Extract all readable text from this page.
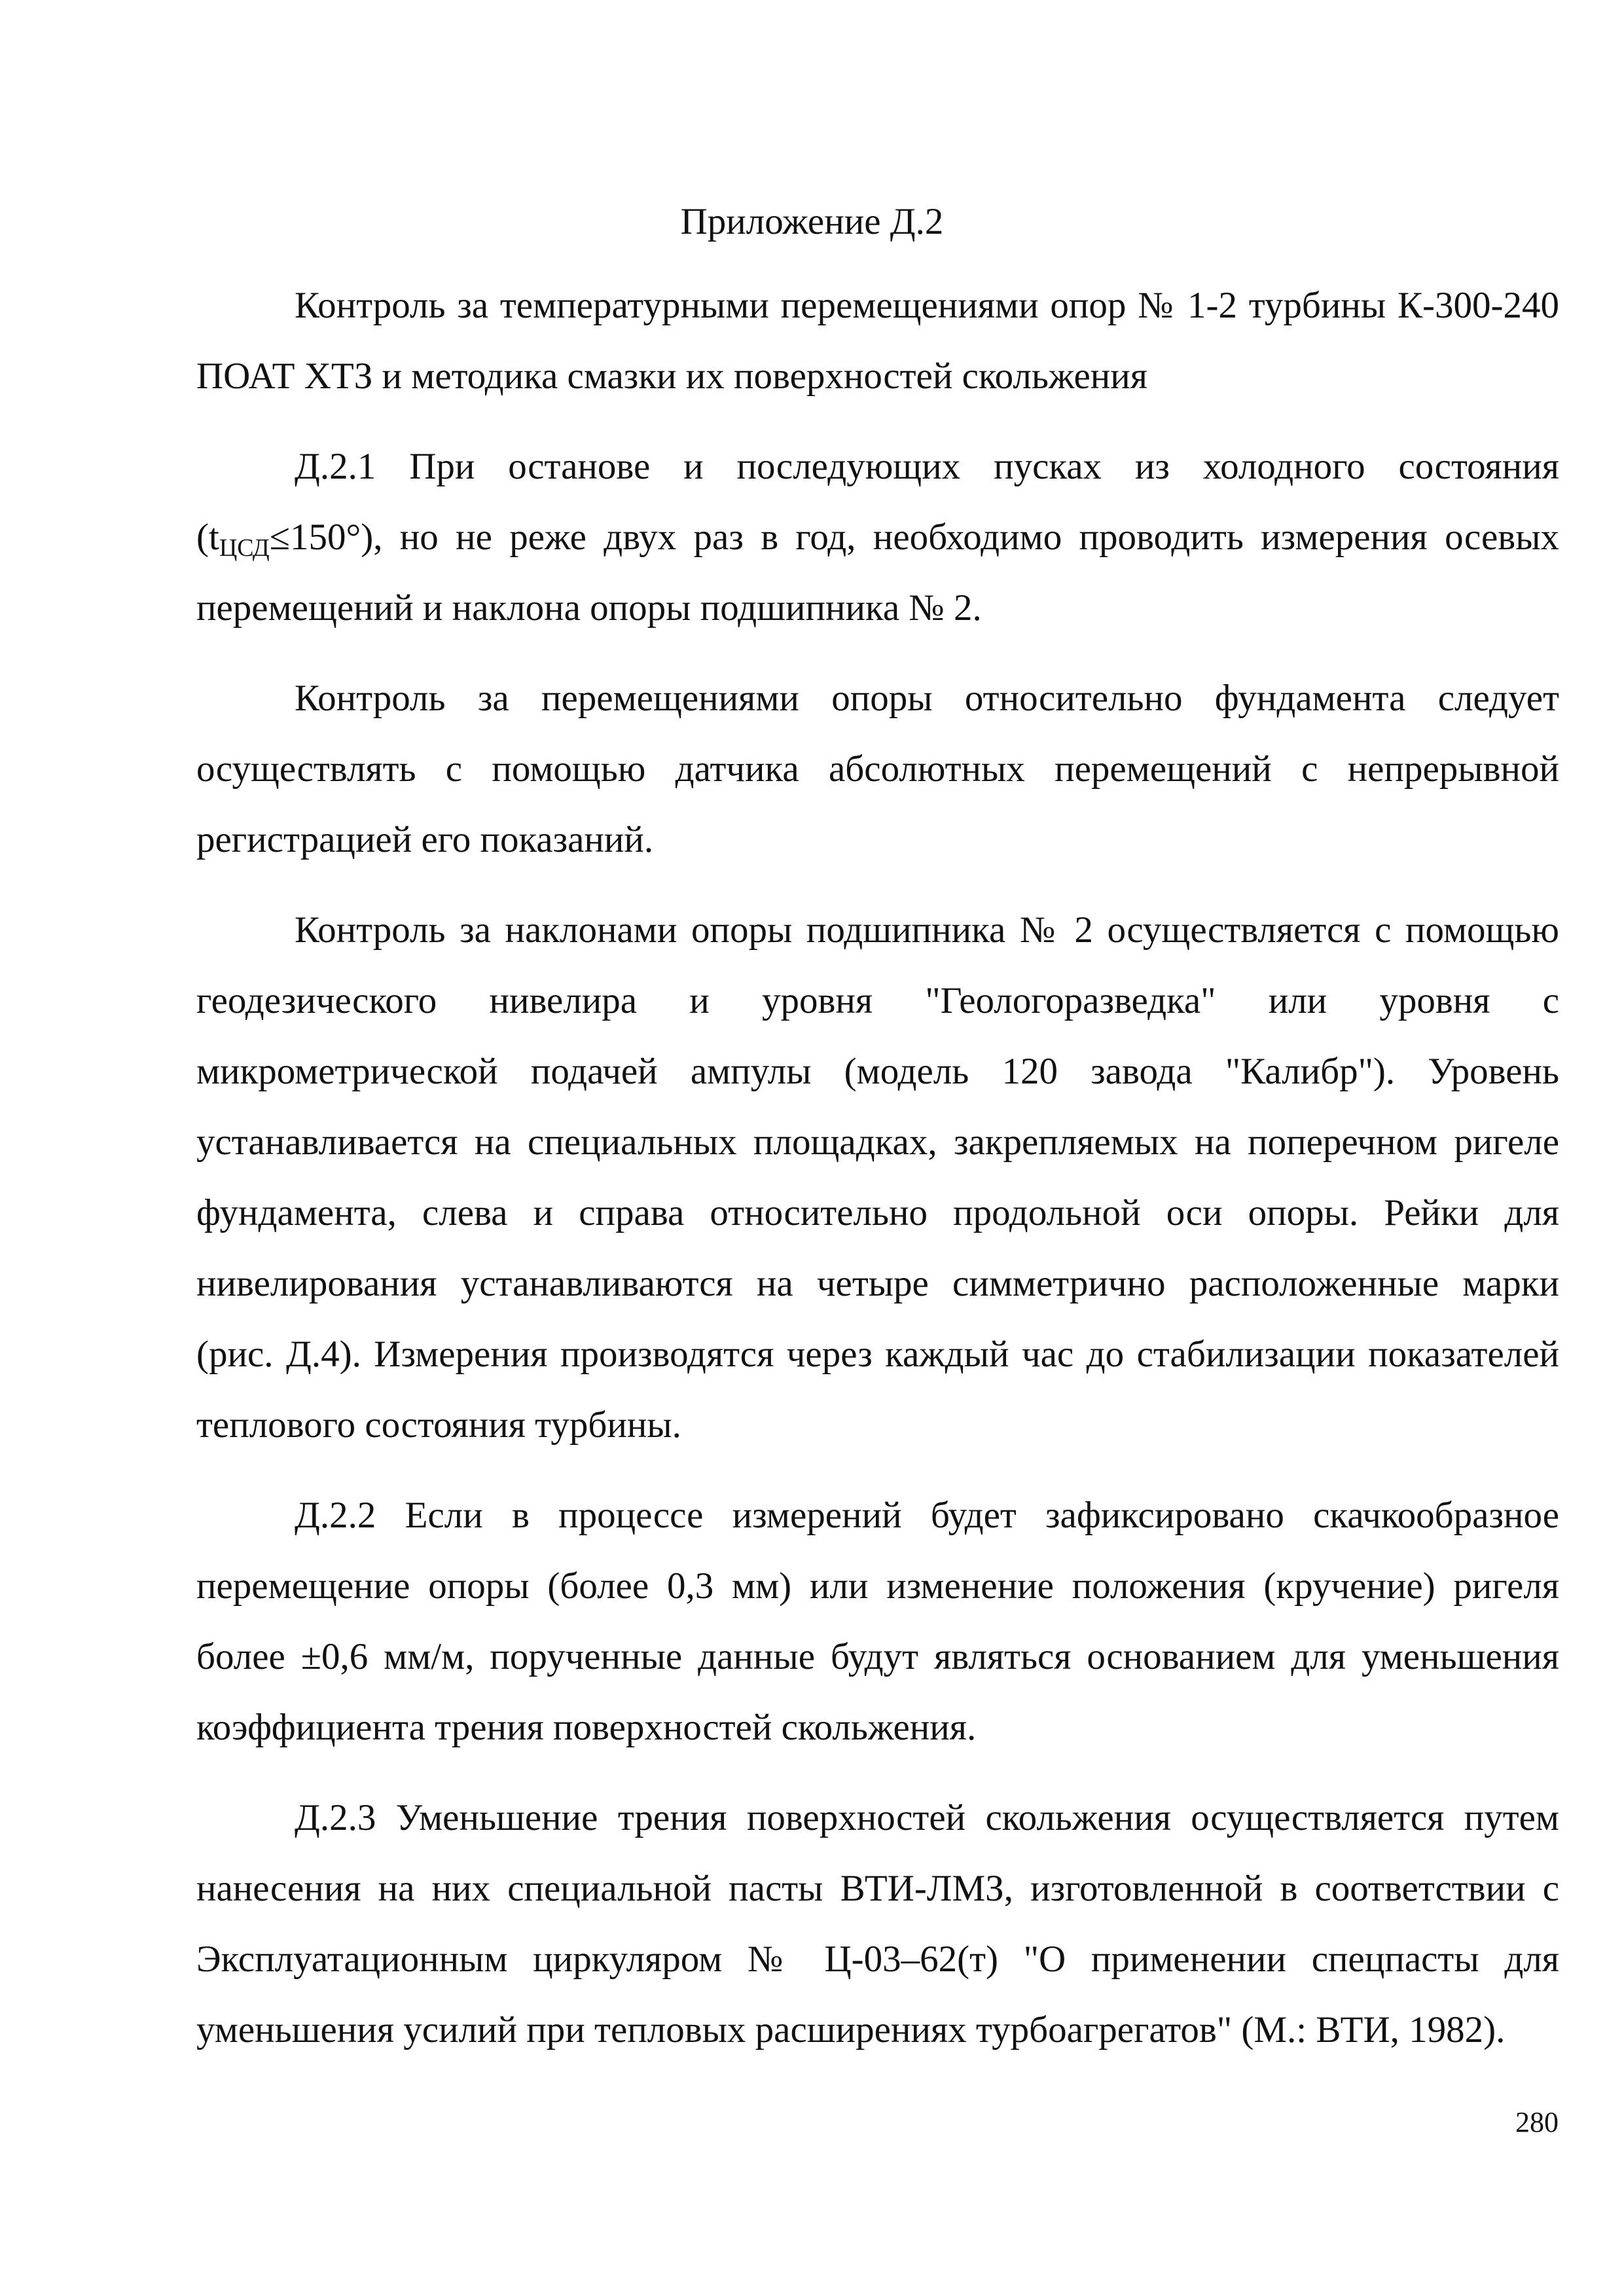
Приложение Д.2

Контроль за температурными перемещениями опор № 1-2 турбины К-300-240 ПОАТ ХТЗ и методика смазки их поверхностей скольжения

Д.2.1 При останове и последующих пусках из холодного состояния $(t_{ЦСД}\le 150^\circ)$, но не реже двух раз в год, необходимо проводить измерения осевых перемещений и наклона опоры подшипника № 2.

Контроль за перемещениями опоры относительно фундамента следует осуществлять с помощью датчика абсолютных перемещений с непрерывной регистрацией его показаний.

Контроль за наклонами опоры подшипника № 2 осуществляется с помощью геодезического нивелира и уровня "Геологоразведка" или уровня с микрометрической подачей ампулы (модель 120 завода "Калибр"). Уровень устанавливается на специальных площадках, закрепляемых на поперечном ригеле фундамента, слева и справа относительно продольной оси опоры. Рейки для нивелирования устанавливаются на четыре симметрично расположенные марки (рис. Д.4). Измерения производятся через каждый час до стабилизации показателей теплового состояния турбины.

Д.2.2 Если в процессе измерений будет зафиксировано скачкообразное перемещение опоры (более 0,3 мм) или изменение положения (кручение) ригеля более ±0,6 мм/м, порученные данные будут являться основанием для уменьшения коэффициента трения поверхностей скольжения.

Д.2.3 Уменьшение трения поверхностей скольжения осуществляется путем нанесения на них специальной пасты ВТИ-ЛМЗ, изготовленной в соответствии с Эксплуатационным циркуляром № Ц-03–62(т) "О применении спецпасты для уменьшения усилий при тепловых расширениях турбоагрегатов" (М.: ВТИ, 1982).

280
